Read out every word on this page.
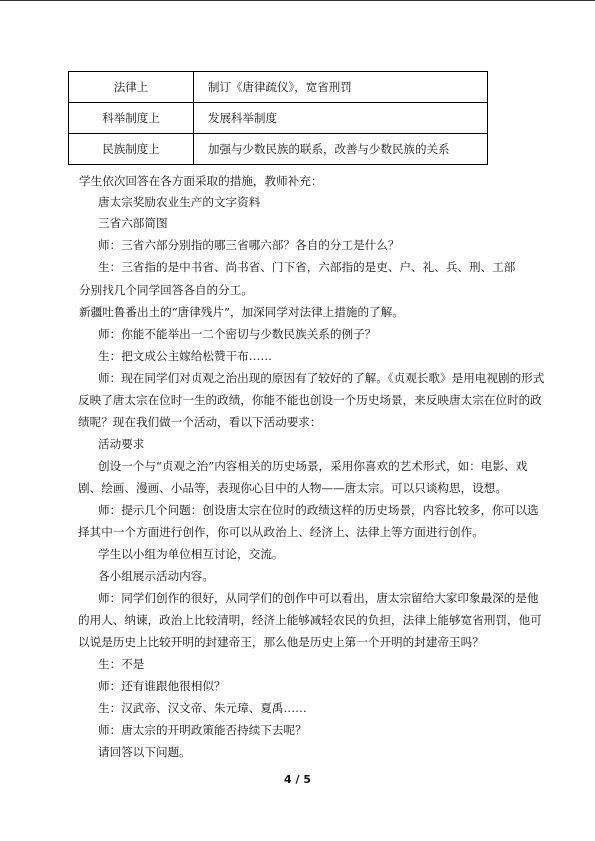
法律上	制订《唐律疏仪》，宽省刑罚
科举制度上	发展科举制度
民族制度上	加强与少数民族的联系，改善与少数民族的关系
学生依次回答在各方面采取的措施，教师补充：
唐太宗奖励农业生产的文字资料
三省六部简图
师：三省六部分别指的哪三省哪六部？各自的分工是什么？
生：三省指的是中书省、尚书省、门下省，六部指的是吏、户、礼、兵、刑、工部
分别找几个同学回答各自的分工。
新疆吐鲁番出土的“唐律残片”，加深同学对法律上措施的了解。
师：你能不能举出一二个密切与少数民族关系的例子？
生：把文成公主嫁给松赞干布……
师：现在同学们对贞观之治出现的原因有了较好的了解。《贞观长歌》是用电视剧的形式
反映了唐太宗在位时一生的政绩，你能不能也创设一个历史场景，来反映唐太宗在位时的政
绩呢？现在我们做一个活动，看以下活动要求：
活动要求
创设一个与“贞观之治”内容相关的历史场景，采用你喜欢的艺术形式，如：电影、戏
剧、绘画、漫画、小品等，表现你心目中的人物——唐太宗。可以只谈构思，设想。
师：提示几个问题：创设唐太宗在位时的政绩这样的历史场景，内容比较多，你可以选
择其中一个方面进行创作，你可以从政治上、经济上、法律上等方面进行创作。
学生以小组为单位相互讨论，交流。
各小组展示活动内容。
师：同学们创作的很好，从同学们的创作中可以看出，唐太宗留给大家印象最深的是他
的用人、纳谏，政治上比较清明，经济上能够减轻农民的负担，法律上能够宽省刑罚，他可
以说是历史上比较开明的封建帝王，那么他是历史上第一个开明的封建帝王吗？
生：不是
师：还有谁跟他很相似？
生：汉武帝、汉文帝、朱元璋、夏禹……
师：唐太宗的开明政策能否持续下去呢？
请回答以下问题。
4 / 5
